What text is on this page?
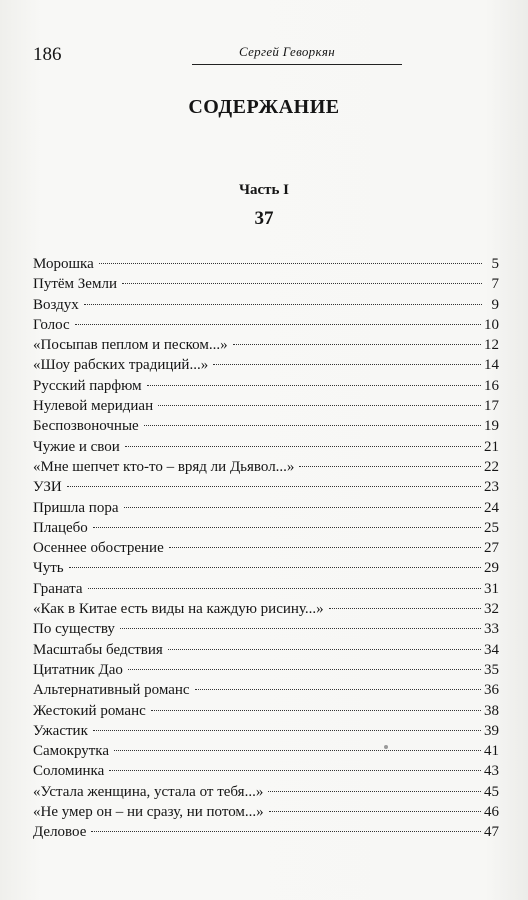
186	Сергей Геворкян
СОДЕРЖАНИЕ
Часть I
37
Морошка	5
Путём Земли	7
Воздух	9
Голос	10
«Посыпав пеплом и песком...»	12
«Шоу рабских традиций...»	14
Русский парфюм	16
Нулевой меридиан	17
Беспозвоночные	19
Чужие и свои	21
«Мне шепчет кто-то – вряд ли Дьявол...»	22
УЗИ	23
Пришла пора	24
Плацебо	25
Осеннее обострение	27
Чуть	29
Граната	31
«Как в Китае есть виды на каждую рисину...»	32
По существу	33
Масштабы бедствия	34
Цитатник Дао	35
Альтернативный романс	36
Жестокий романс	38
Ужастик	39
Самокрутка	41
Соломинка	43
«Устала женщина, устала от тебя...»	45
«Не умер он – ни сразу, ни потом...»	46
Деловое	47
